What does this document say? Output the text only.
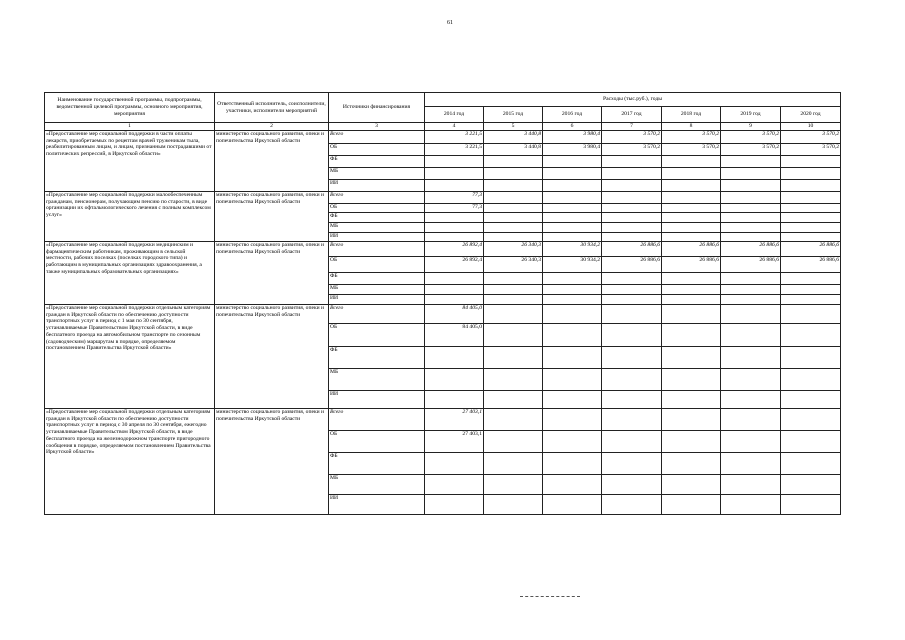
61
Наименование государственной программы, подпрограммы, ведомственной целевой программы, основного мероприятия, мероприятия	Ответственный исполнитель, соисполнители, участники, исполнители мероприятий	Источники финансирования	Расходы (тыс.руб.), годы						
			2014 год	2015 год	2016 год	2017 год	2018 год	2019 год	2020 год
1	2	3	4	5	6	7	8	9	10
«Предоставление мер социальной поддержки в части оплаты лекарств, приобретаемых по рецептам врачей труженикам тыла, реабилитированным лицам, и лицам, признанным пострадавшими от политических репрессий, в Иркутской области»	министерство социального развития, опеки и попечительства Иркутской области	Всего	3 221,5	3 440,8	3 980,4	3 570,2	3 570,2	3 570,2	3 570,2
		ОБ	3 221,5	3 440,8	3 980,4	3 570,2	3 570,2	3 570,2	3 570,2
		ФБ							
		МБ							
		ИИ							
«Предоставление мер социальной поддержки малообеспеченным гражданам, пенсионерам, получающим пенсию по старости, в виде организации их офтальмологического лечения с полным комплексом услуг»	министерство социального развития, опеки и попечительства Иркутской области	Всего	77,3						
		ОБ	77,3						
		ФБ							
		МБ							
		ИИ							
«Предоставление мер социальной поддержки медицинским и фармацевтическим работникам, проживающим в сельской местности, рабочих поселках (поселках городского типа) и работающим в муниципальных организациях здравоохранения, а также муниципальных образовательных организациях»	министерство социального развития, опеки и попечительства Иркутской области	Всего	26 892,4	26 340,3	30 934,2	26 886,6	26 886,6	26 886,6	26 886,6
		ОБ	26 892,4	26 340,3	30 934,2	26 886,6	26 886,6	26 886,6	26 886,6
		ФБ							
		МБ							
		ИИ							
«Предоставление мер социальной поддержки отдельным категориям граждан в Иркутской области по обеспечению доступности транспортных услуг в период с 1 мая по 30 сентября, устанавливаемые Правительством Иркутской области, в виде бесплатного проезда на автомобильном транспорте по сезонным (садоводческим) маршрутам в порядке, определяемом постановлением Правительства Иркутской области»	министерство социального развития, опеки и попечительства Иркутской области	Всего	84 405,0						
		ОБ	84 405,0						
		ФБ							
		МБ							
		ИИ							
«Предоставление мер социальной поддержки отдельным категориям граждан в Иркутской области по обеспечению доступности транспортных услуг в период с 30 апреля по 30 сентября, ежегодно устанавливаемые Правительством Иркутской области, в виде бесплатного проезда на железнодорожном транспорте пригородного сообщения в порядке, определяемом постановлением Правительства Иркутской области»	министерство социального развития, опеки и попечительства Иркутской области	Всего	27 403,1						
		ОБ	27 403,1						
		ФБ							
		МБ							
		ИИ							
